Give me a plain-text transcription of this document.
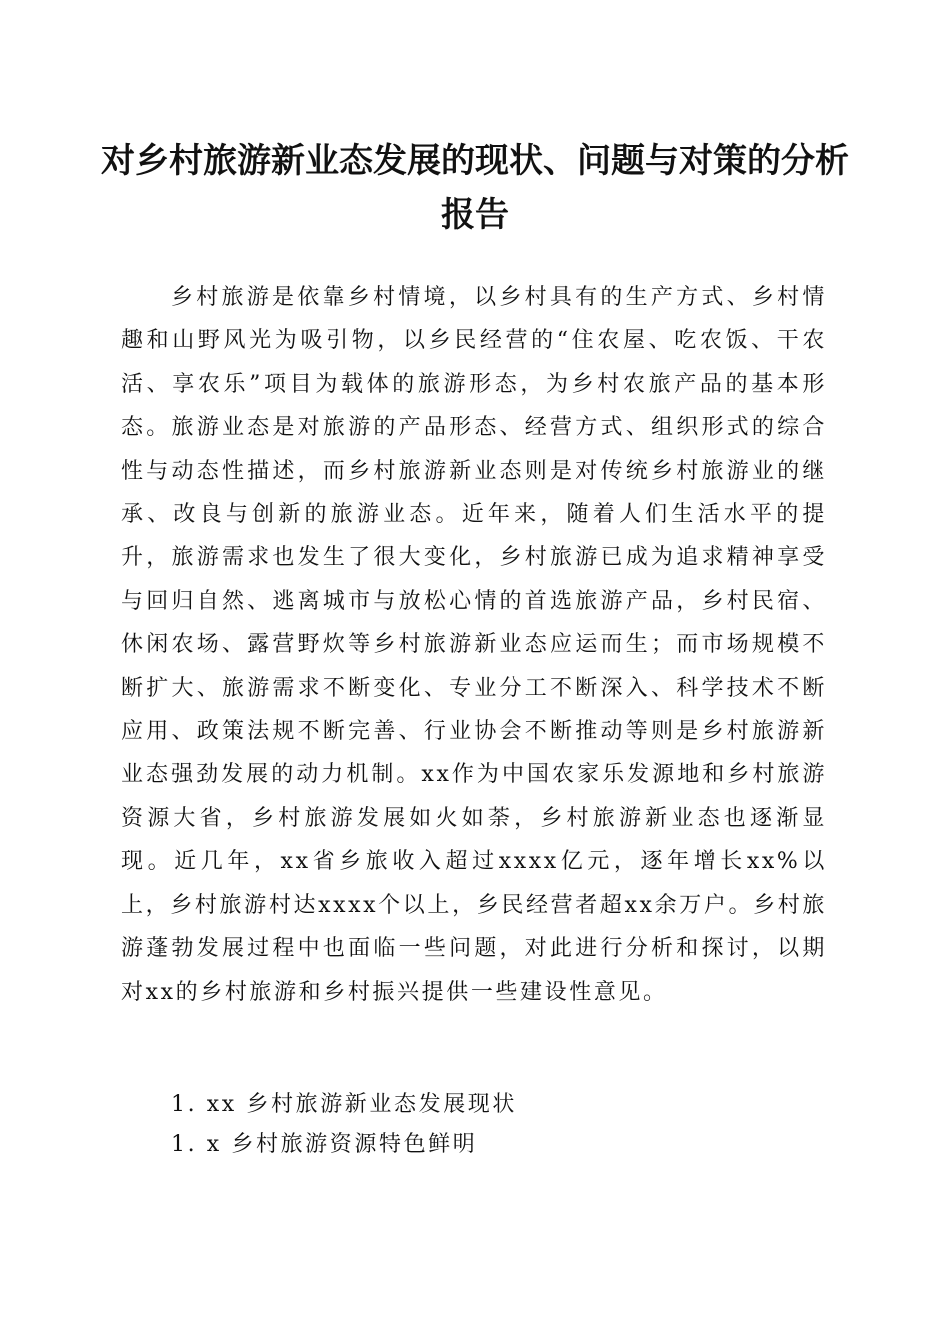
对乡村旅游新业态发展的现状、问题与对策的分析报告

乡村旅游是依靠乡村情境，以乡村具有的生产方式、乡村情趣和山野风光为吸引物，以乡民经营的“住农屋、吃农饭、干农活、享农乐”项目为载体的旅游形态，为乡村农旅产品的基本形态。旅游业态是对旅游的产品形态、经营方式、组织形式的综合性与动态性描述，而乡村旅游新业态则是对传统乡村旅游业的继承、改良与创新的旅游业态。近年来，随着人们生活水平的提升，旅游需求也发生了很大变化，乡村旅游已成为追求精神享受与回归自然、逃离城市与放松心情的首选旅游产品，乡村民宿、休闲农场、露营野炊等乡村旅游新业态应运而生；而市场规模不断扩大、旅游需求不断变化、专业分工不断深入、科学技术不断应用、政策法规不断完善、行业协会不断推动等则是乡村旅游新业态强劲发展的动力机制。xx作为中国农家乐发源地和乡村旅游资源大省，乡村旅游发展如火如荼，乡村旅游新业态也逐渐显现。近几年，xx省乡旅收入超过xxxx亿元，逐年增长xx%以上，乡村旅游村达xxxx个以上，乡民经营者超xx余万户。乡村旅游蓬勃发展过程中也面临一些问题，对此进行分析和探讨，以期对xx的乡村旅游和乡村振兴提供一些建设性意见。

1. xx 乡村旅游新业态发展现状

1. x 乡村旅游资源特色鲜明
